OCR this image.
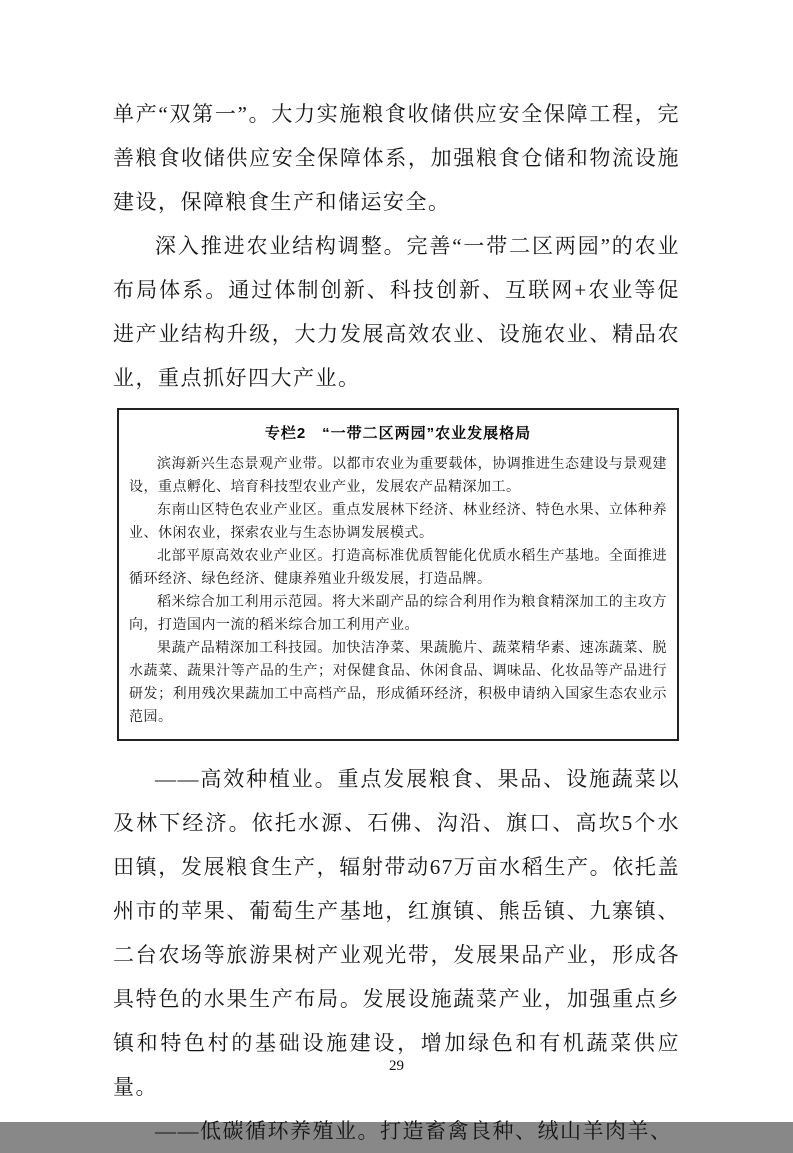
单产“双第一”。大力实施粮食收储供应安全保障工程，完善粮食收储供应安全保障体系，加强粮食仓储和物流设施建设，保障粮食生产和储运安全。

深入推进农业结构调整。完善“一带二区两园”的农业布局体系。通过体制创新、科技创新、互联网+农业等促进产业结构升级，大力发展高效农业、设施农业、精品农业，重点抓好四大产业。

专栏2　“一带二区两园”农业发展格局

滨海新兴生态景观产业带。以都市农业为重要载体，协调推进生态建设与景观建设，重点孵化、培育科技型农业产业，发展农产品精深加工。

东南山区特色农业产业区。重点发展林下经济、林业经济、特色水果、立体种养业、休闲农业，探索农业与生态协调发展模式。

北部平原高效农业产业区。打造高标准优质智能化优质水稻生产基地。全面推进循环经济、绿色经济、健康养殖业升级发展，打造品牌。

稻米综合加工利用示范园。将大米副产品的综合利用作为粮食精深加工的主攻方向，打造国内一流的稻米综合加工利用产业。

果蔬产品精深加工科技园。加快洁净菜、果蔬脆片、蔬菜精华素、速冻蔬菜、脱水蔬菜、蔬果汁等产品的生产；对保健食品、休闲食品、调味品、化妆品等产品进行研发；利用残次果蔬加工中高档产品，形成循环经济，积极申请纳入国家生态农业示范园。

——高效种植业。重点发展粮食、果品、设施蔬菜以及林下经济。依托水源、石佛、沟沿、旗口、高坎5个水田镇，发展粮食生产，辐射带动67万亩水稻生产。依托盖州市的苹果、葡萄生产基地，红旗镇、熊岳镇、九寨镇、二台农场等旅游果树产业观光带，发展果品产业，形成各具特色的水果生产布局。发展设施蔬菜产业，加强重点乡镇和特色村的基础设施建设，增加绿色和有机蔬菜供应量。

——低碳循环养殖业。打造畜禽良种、绒山羊肉羊、

29
